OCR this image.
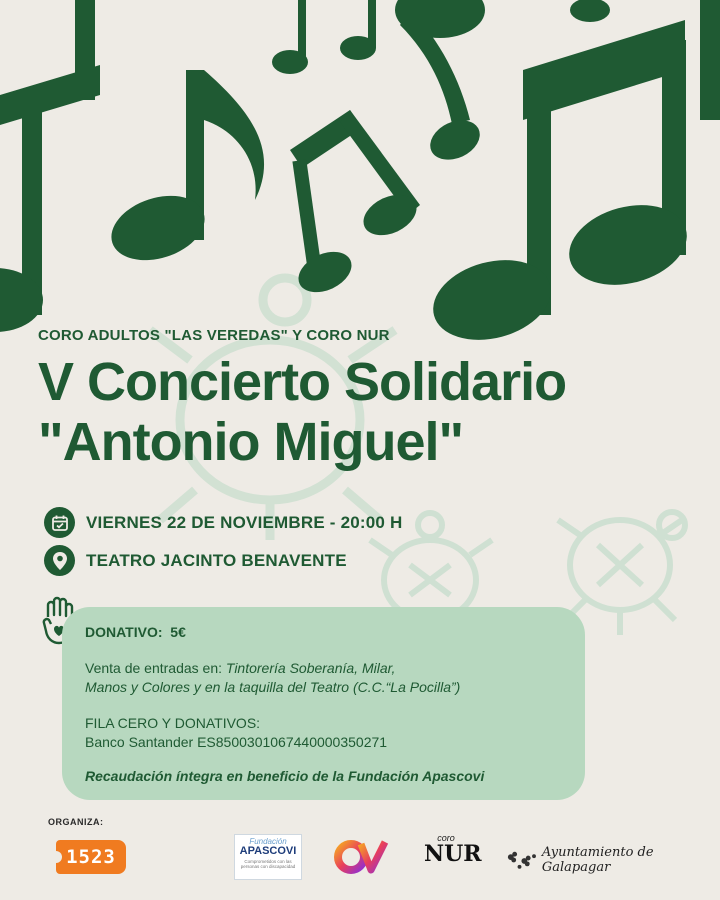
CORO ADULTOS "LAS VEREDAS" Y CORO NUR
V Concierto Solidario
"Antonio Miguel"
VIERNES 22 DE NOVIEMBRE - 20:00 H
TEATRO JACINTO BENAVENTE
DONATIVO: 5€
Venta de entradas en: Tintorería Soberanía, Milar,
Manos y Colores y en la taquilla del Teatro (C.C.“La Pocilla”)
FILA CERO Y DONATIVOS:
Banco Santander ES8500301067440000350271
Recaudación íntegra en beneficio de la Fundación Apascovi
ORGANIZA:
1523
Fundación
APASCOVI
Comprometidos con las personas con discapacidad
coro
NUR	Ayuntamiento de Galapagar
